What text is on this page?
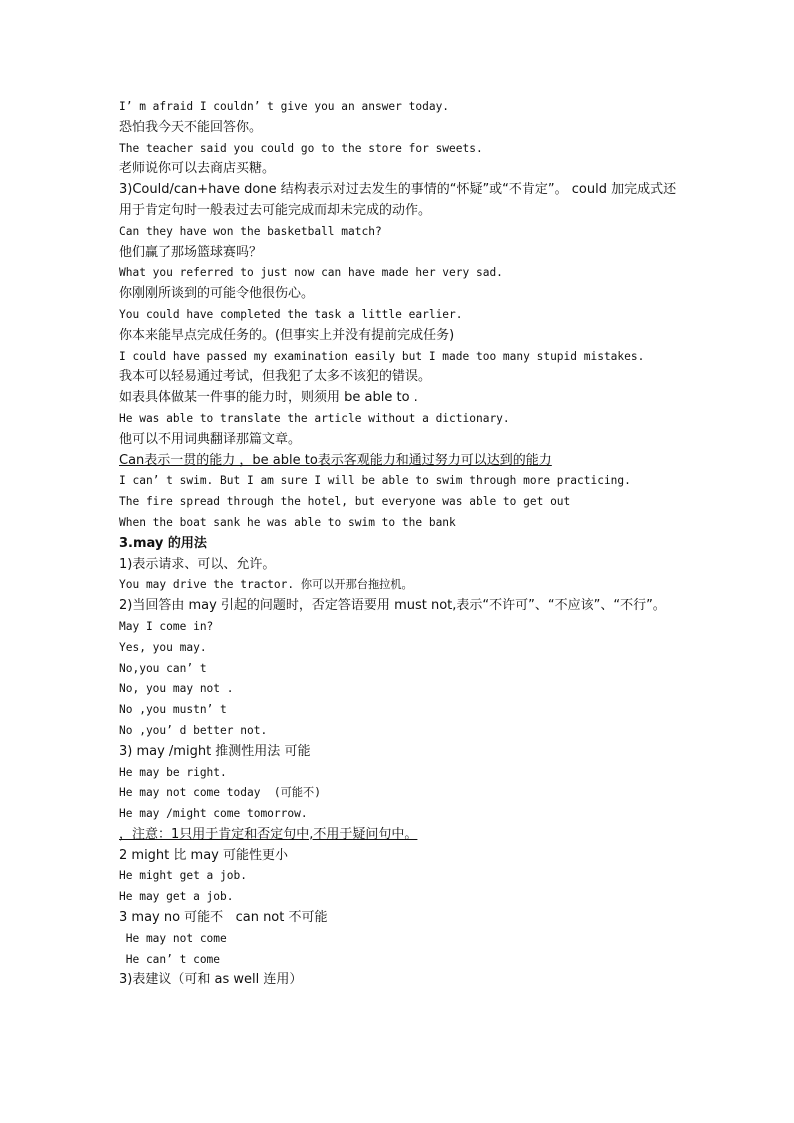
I’ m afraid I couldn’ t give you an answer today.
恐怕我今天不能回答你。
The teacher said you could go to the store for sweets.
老师说你可以去商店买糖。
3)Could/can+have done 结构表示对过去发生的事情的“怀疑”或“不肯定”。 could 加完成式还用于肯定句时一般表过去可能完成而却未完成的动作。
Can they have won the basketball match?
他们赢了那场篮球赛吗？
What you referred to just now can have made her very sad.
你刚刚所谈到的可能令他很伤心。
You could have completed the task a little earlier.
你本来能早点完成任务的。(但事实上并没有提前完成任务)
I could have passed my examination easily but I made too many stupid mistakes.
我本可以轻易通过考试，但我犯了太多不该犯的错误。
如表具体做某一件事的能力时，则须用 be able to .
He was able to translate the article without a dictionary.
他可以不用词典翻译那篇文章。
Can表示一贯的能力 ，be able to表示客观能力和通过努力可以达到的能力
I can’ t swim. But I am sure I will be able to swim through more practicing.
The fire spread through the hotel, but everyone was able to get out
When the boat sank he was able to swim to the bank
3.may 的用法
1)表示请求、可以、允许。
You may drive the tractor. 你可以开那台拖拉机。
2)当回答由 may 引起的问题时，否定答语要用 must not,表示“不许可”、“不应该”、“不行”。
May I come in?
Yes, you may.
No,you can’ t
No, you may not .
No ,you mustn’ t
No ,you’ d better not.
3) may /might 推测性用法 可能
He may be right.
He may not come today  (可能不)
He may /might come tomorrow.
，注意：1只用于肯定和否定句中,不用于疑问句中。
2 might 比 may 可能性更小
He might get a job.
He may get a job.
3 may no 可能不   can not 不可能
He may not come
He can’ t come
3)表建议（可和 as well 连用）
